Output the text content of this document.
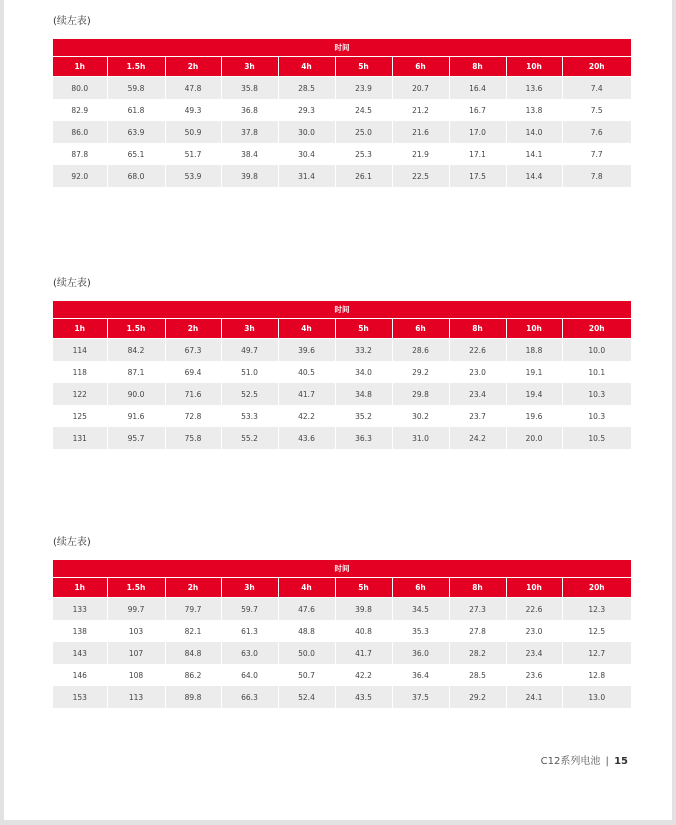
(续左表)
时间									
1h	1.5h	2h	3h	4h	5h	6h	8h	10h	20h
80.0	59.8	47.8	35.8	28.5	23.9	20.7	16.4	13.6	7.4
82.9	61.8	49.3	36.8	29.3	24.5	21.2	16.7	13.8	7.5
86.0	63.9	50.9	37.8	30.0	25.0	21.6	17.0	14.0	7.6
87.8	65.1	51.7	38.4	30.4	25.3	21.9	17.1	14.1	7.7
92.0	68.0	53.9	39.8	31.4	26.1	22.5	17.5	14.4	7.8
(续左表)
时间									
1h	1.5h	2h	3h	4h	5h	6h	8h	10h	20h
114	84.2	67.3	49.7	39.6	33.2	28.6	22.6	18.8	10.0
118	87.1	69.4	51.0	40.5	34.0	29.2	23.0	19.1	10.1
122	90.0	71.6	52.5	41.7	34.8	29.8	23.4	19.4	10.3
125	91.6	72.8	53.3	42.2	35.2	30.2	23.7	19.6	10.3
131	95.7	75.8	55.2	43.6	36.3	31.0	24.2	20.0	10.5
(续左表)
时间									
1h	1.5h	2h	3h	4h	5h	6h	8h	10h	20h
133	99.7	79.7	59.7	47.6	39.8	34.5	27.3	22.6	12.3
138	103	82.1	61.3	48.8	40.8	35.3	27.8	23.0	12.5
143	107	84.8	63.0	50.0	41.7	36.0	28.2	23.4	12.7
146	108	86.2	64.0	50.7	42.2	36.4	28.5	23.6	12.8
153	113	89.8	66.3	52.4	43.5	37.5	29.2	24.1	13.0
C12系列电池 | 15
